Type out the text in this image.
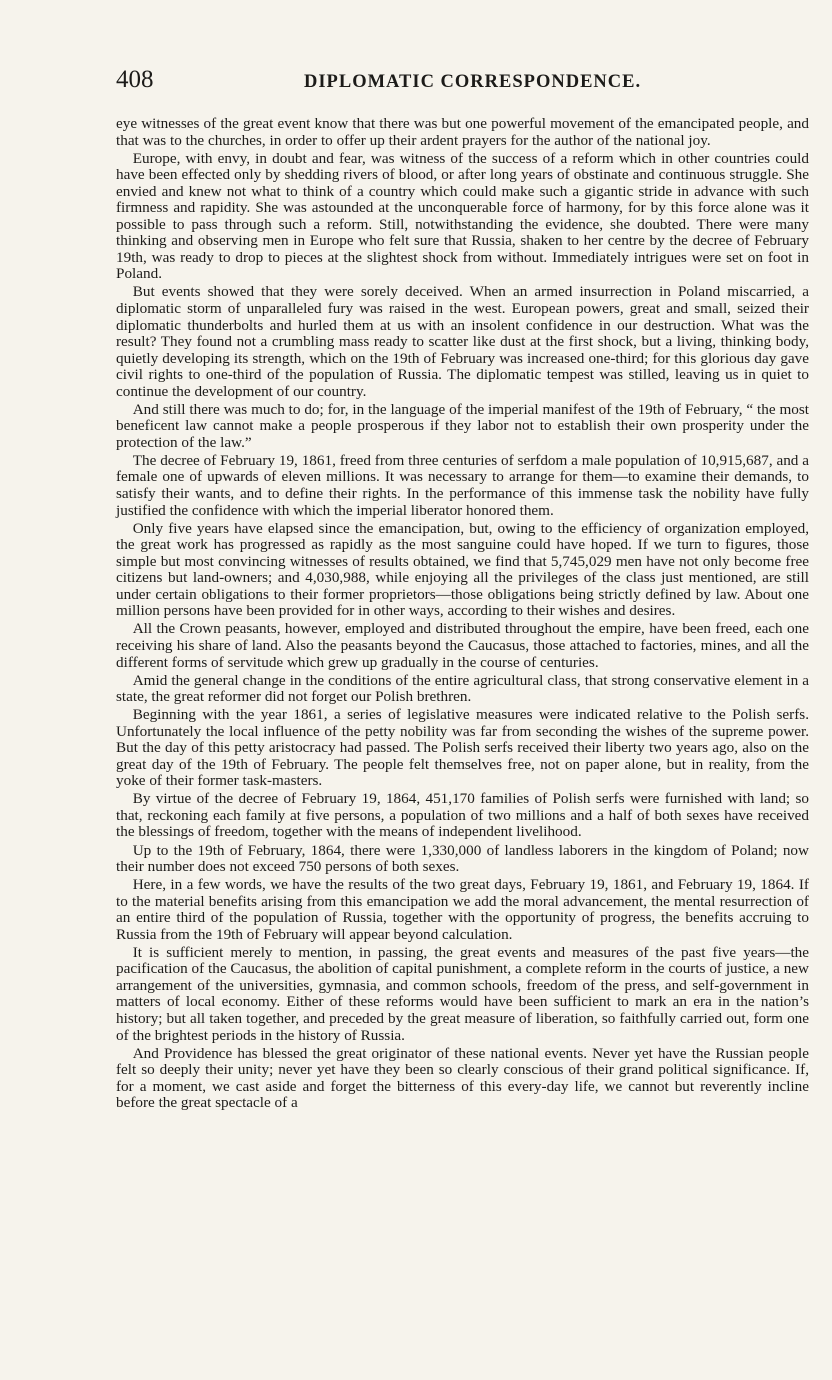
408	DIPLOMATIC CORRESPONDENCE.

eye witnesses of the great event know that there was but one powerful movement of the emancipated people, and that was to the churches, in order to offer up their ardent prayers for the author of the national joy.

Europe, with envy, in doubt and fear, was witness of the success of a reform which in other countries could have been effected only by shedding rivers of blood, or after long years of obstinate and continuous struggle. She envied and knew not what to think of a country which could make such a gigantic stride in advance with such firmness and rapidity. She was astounded at the unconquerable force of harmony, for by this force alone was it possible to pass through such a reform. Still, notwithstanding the evidence, she doubted. There were many thinking and observing men in Europe who felt sure that Russia, shaken to her centre by the decree of February 19th, was ready to drop to pieces at the slightest shock from without. Immediately intrigues were set on foot in Poland.

But events showed that they were sorely deceived. When an armed insurrection in Poland miscarried, a diplomatic storm of unparalleled fury was raised in the west. European powers, great and small, seized their diplomatic thunderbolts and hurled them at us with an insolent confidence in our destruction. What was the result? They found not a crumbling mass ready to scatter like dust at the first shock, but a living, thinking body, quietly developing its strength, which on the 19th of February was increased one-third; for this glorious day gave civil rights to one-third of the population of Russia. The diplomatic tempest was stilled, leaving us in quiet to continue the development of our country.

And still there was much to do; for, in the language of the imperial manifest of the 19th of February, “ the most beneficent law cannot make a people prosperous if they labor not to establish their own prosperity under the protection of the law.”

The decree of February 19, 1861, freed from three centuries of serfdom a male population of 10,915,687, and a female one of upwards of eleven millions. It was necessary to arrange for them—to examine their demands, to satisfy their wants, and to define their rights. In the performance of this immense task the nobility have fully justified the confidence with which the imperial liberator honored them.

Only five years have elapsed since the emancipation, but, owing to the efficiency of organization employed, the great work has progressed as rapidly as the most sanguine could have hoped. If we turn to figures, those simple but most convincing witnesses of results obtained, we find that 5,745,029 men have not only become free citizens but land-owners; and 4,030,988, while enjoying all the privileges of the class just mentioned, are still under certain obligations to their former proprietors—those obligations being strictly defined by law. About one million persons have been provided for in other ways, according to their wishes and desires.

All the Crown peasants, however, employed and distributed throughout the empire, have been freed, each one receiving his share of land. Also the peasants beyond the Caucasus, those attached to factories, mines, and all the different forms of servitude which grew up gradually in the course of centuries.

Amid the general change in the conditions of the entire agricultural class, that strong conservative element in a state, the great reformer did not forget our Polish brethren.

Beginning with the year 1861, a series of legislative measures were indicated relative to the Polish serfs. Unfortunately the local influence of the petty nobility was far from seconding the wishes of the supreme power. But the day of this petty aristocracy had passed. The Polish serfs received their liberty two years ago, also on the great day of the 19th of February. The people felt themselves free, not on paper alone, but in reality, from the yoke of their former task-masters.

By virtue of the decree of February 19, 1864, 451,170 families of Polish serfs were furnished with land; so that, reckoning each family at five persons, a population of two millions and a half of both sexes have received the blessings of freedom, together with the means of independent livelihood.

Up to the 19th of February, 1864, there were 1,330,000 of landless laborers in the kingdom of Poland; now their number does not exceed 750 persons of both sexes.

Here, in a few words, we have the results of the two great days, February 19, 1861, and February 19, 1864. If to the material benefits arising from this emancipation we add the moral advancement, the mental resurrection of an entire third of the population of Russia, together with the opportunity of progress, the benefits accruing to Russia from the 19th of February will appear beyond calculation.

It is sufficient merely to mention, in passing, the great events and measures of the past five years—the pacification of the Caucasus, the abolition of capital punishment, a complete reform in the courts of justice, a new arrangement of the universities, gymnasia, and common schools, freedom of the press, and self-government in matters of local economy. Either of these reforms would have been sufficient to mark an era in the nation’s history; but all taken together, and preceded by the great measure of liberation, so faithfully carried out, form one of the brightest periods in the history of Russia.

And Providence has blessed the great originator of these national events. Never yet have the Russian people felt so deeply their unity; never yet have they been so clearly conscious of their grand political significance. If, for a moment, we cast aside and forget the bitterness of this every-day life, we cannot but reverently incline before the great spectacle of a
